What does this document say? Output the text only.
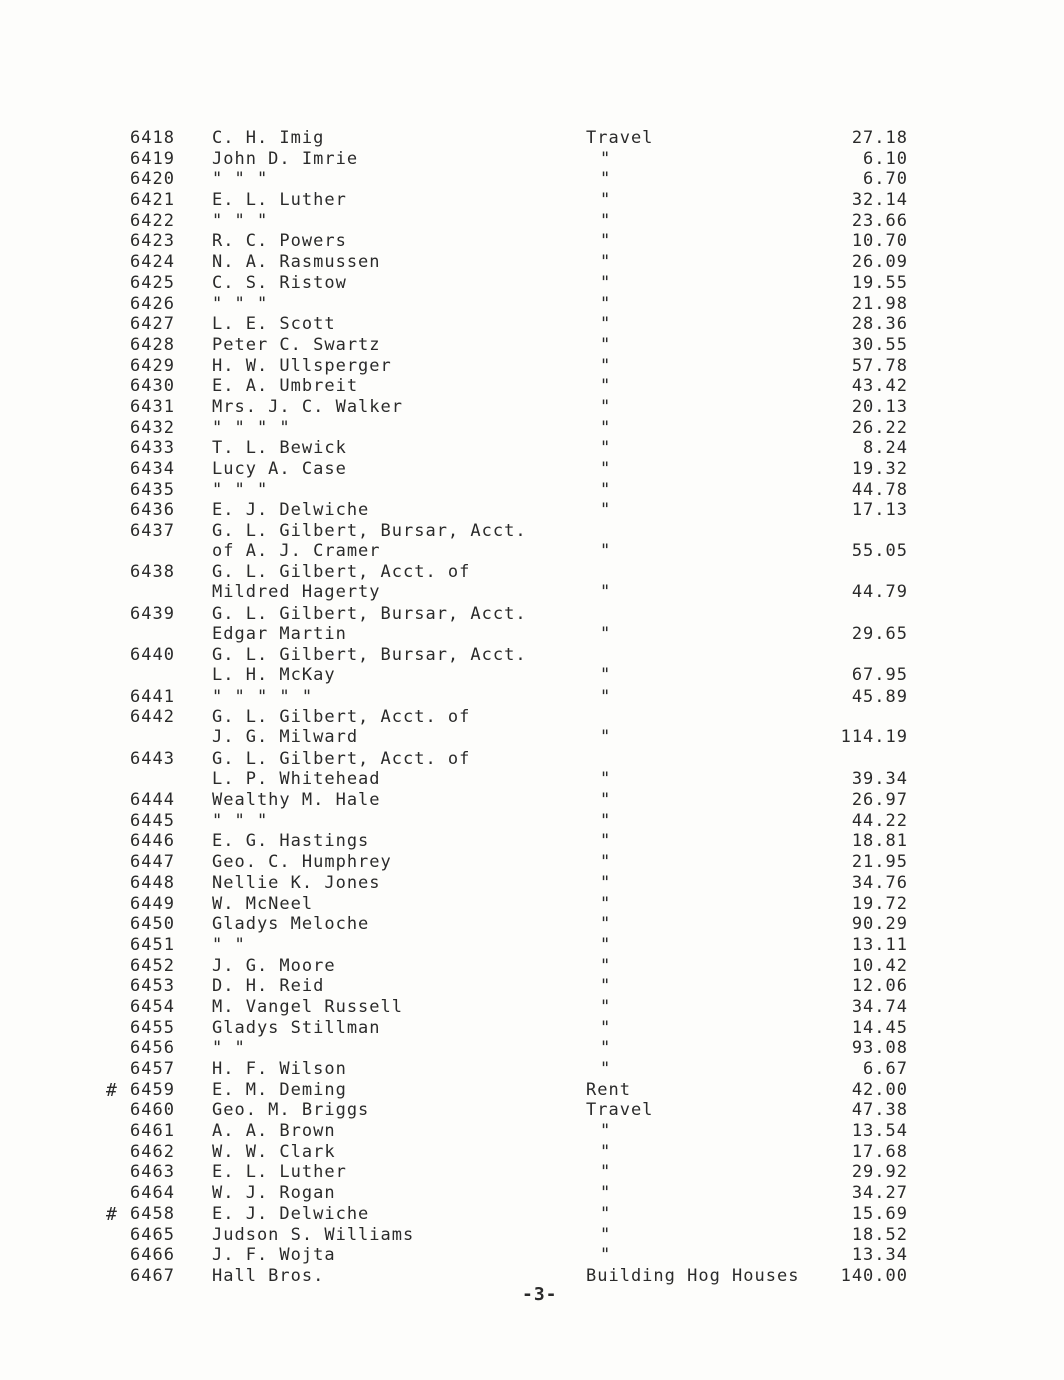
6418	C. H. Imig	Travel	27.18
6419	John D. Imrie	"	6.10
6420	" " "	"	6.70
6421	E. L. Luther	"	32.14
6422	" " "	"	23.66
6423	R. C. Powers	"	10.70
6424	N. A. Rasmussen	"	26.09
6425	C. S. Ristow	"	19.55
6426	" " "	"	21.98
6427	L. E. Scott	"	28.36
6428	Peter C. Swartz	"	30.55
6429	H. W. Ullsperger	"	57.78
6430	E. A. Umbreit	"	43.42
6431	Mrs. J. C. Walker	"	20.13
6432	" " " "	"	26.22
6433	T. L. Bewick	"	8.24
6434	Lucy A. Case	"	19.32
6435	" " "	"	44.78
6436	E. J. Delwiche	"	17.13
6437	G. L. Gilbert, Bursar, Acct.
of A. J. Cramer	"	55.05
6438	G. L. Gilbert, Acct. of
Mildred Hagerty	"	44.79
6439	G. L. Gilbert, Bursar, Acct.
Edgar Martin	"	29.65
6440	G. L. Gilbert, Bursar, Acct.
L. H. McKay	"	67.95
6441	" " " " "	"	45.89
6442	G. L. Gilbert, Acct. of
J. G. Milward	"	114.19
6443	G. L. Gilbert, Acct. of
L. P. Whitehead	"	39.34
6444	Wealthy M. Hale	"	26.97
6445	" " "	"	44.22
6446	E. G. Hastings	"	18.81
6447	Geo. C. Humphrey	"	21.95
6448	Nellie K. Jones	"	34.76
6449	W. McNeel	"	19.72
6450	Gladys Meloche	"	90.29
6451	" "	"	13.11
6452	J. G. Moore	"	10.42
6453	D. H. Reid	"	12.06
6454	M. Vangel Russell	"	34.74
6455	Gladys Stillman	"	14.45
6456	" "	"	93.08
6457	H. F. Wilson	"	6.67
# 6459	E. M. Deming	Rent	42.00
6460	Geo. M. Briggs	Travel	47.38
6461	A. A. Brown	"	13.54
6462	W. W. Clark	"	17.68
6463	E. L. Luther	"	29.92
6464	W. J. Rogan	"	34.27
# 6458	E. J. Delwiche	"	15.69
6465	Judson S. Williams	"	18.52
6466	J. F. Wojta	"	13.34
6467	Hall Bros.	Building Hog Houses 140.00
-3-
